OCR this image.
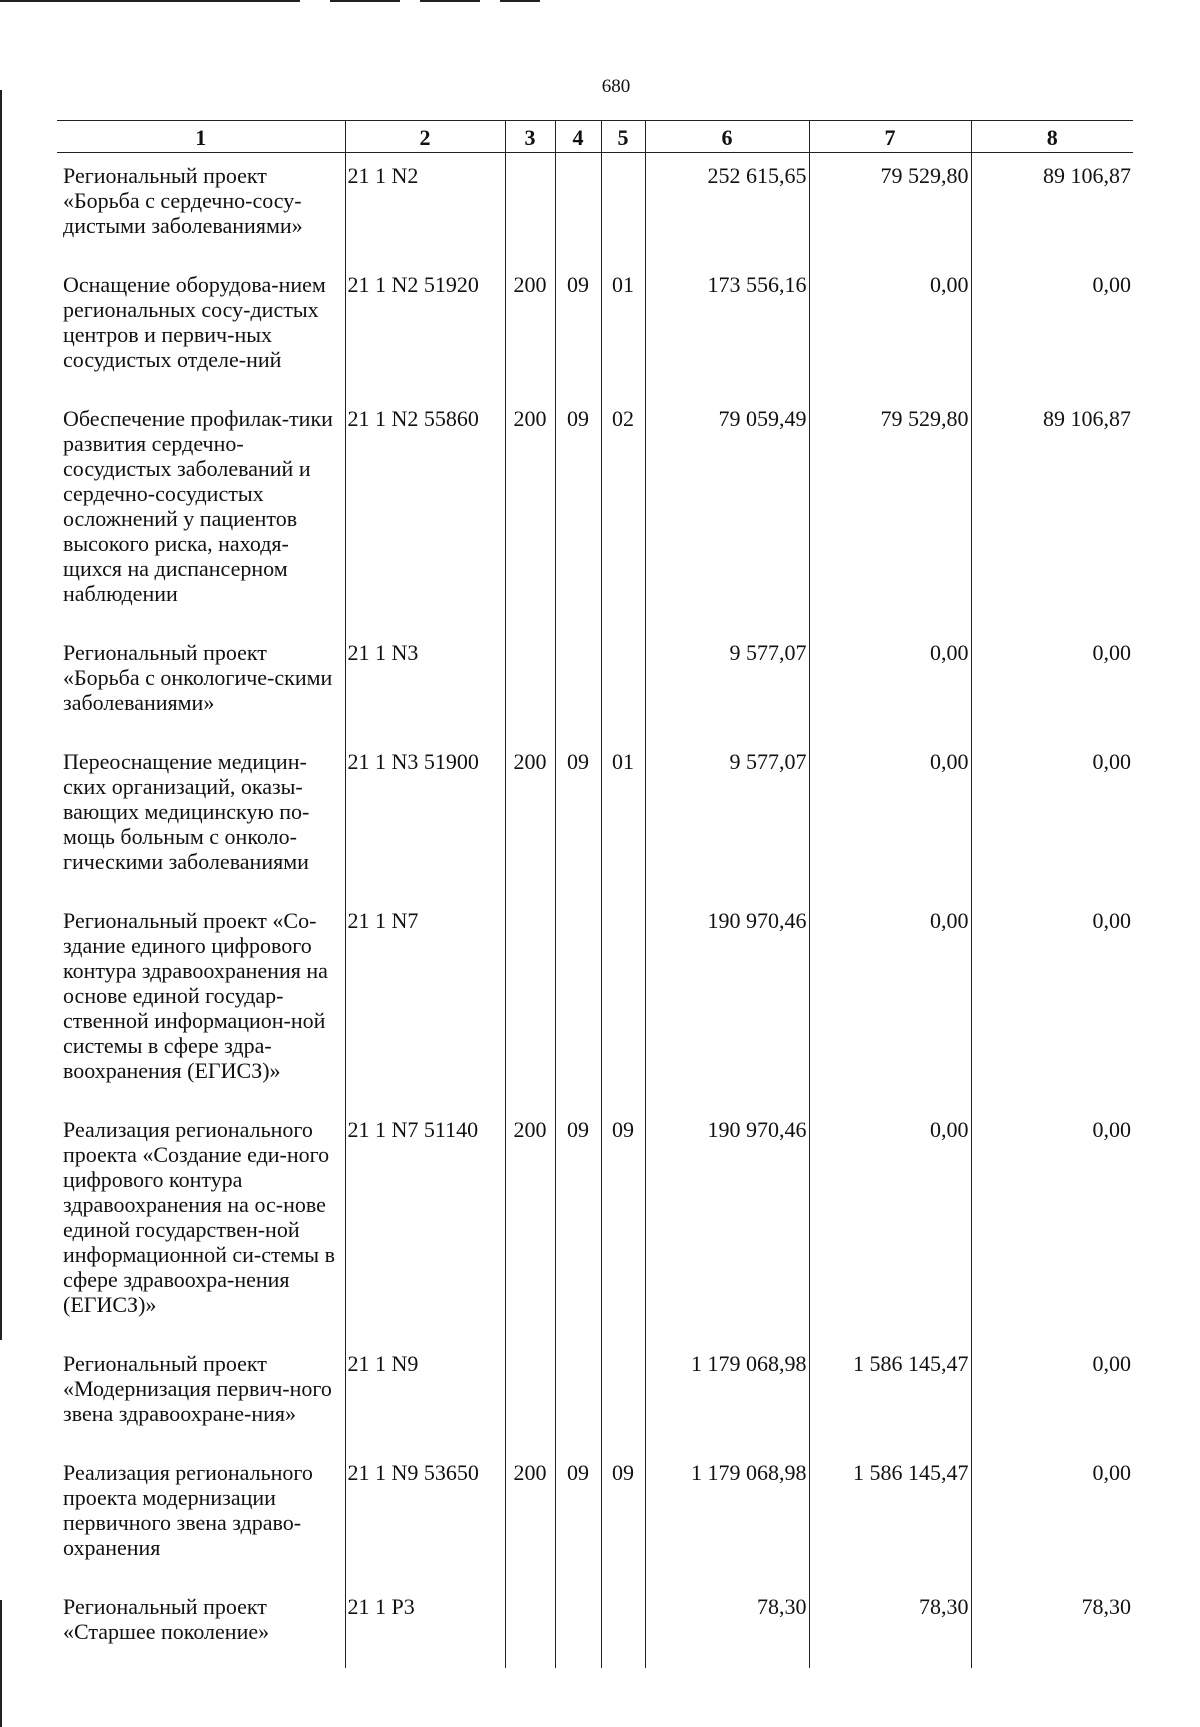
680
1	2	3	4	5	6	7	8
Региональный проект «Борьба с сердечно-сосу-дистыми заболеваниями»	21 1 N2				252 615,65	79 529,80	89 106,87
Оснащение оборудова-нием региональных сосу-дистых центров и первич-ных сосудистых отделе-ний	21 1 N2 51920	200	09	01	173 556,16	0,00	0,00
Обеспечение профилак-тики развития сердечно-сосудистых заболеваний и сердечно-сосудистых осложнений у пациентов высокого риска, находя-щихся на диспансерном наблюдении	21 1 N2 55860	200	09	02	79 059,49	79 529,80	89 106,87
Региональный проект «Борьба с онкологиче-скими заболеваниями»	21 1 N3				9 577,07	0,00	0,00
Переоснащение медицин-ских организаций, оказы-вающих медицинскую по-мощь больным с онколо-гическими заболеваниями	21 1 N3 51900	200	09	01	9 577,07	0,00	0,00
Региональный проект «Со-здание единого цифрового контура здравоохранения на основе единой государ-ственной информацион-ной системы в сфере здра-воохранения (ЕГИСЗ)»	21 1 N7				190 970,46	0,00	0,00
Реализация регионального проекта «Создание еди-ного цифрового контура здравоохранения на ос-нове единой государствен-ной информационной си-стемы в сфере здравоохра-нения (ЕГИСЗ)»	21 1 N7 51140	200	09	09	190 970,46	0,00	0,00
Региональный проект «Модернизация первич-ного звена здравоохране-ния»	21 1 N9				1 179 068,98	1 586 145,47	0,00
Реализация регионального проекта модернизации первичного звена здраво-охранения	21 1 N9 53650	200	09	09	1 179 068,98	1 586 145,47	0,00
Региональный проект «Старшее поколение»	21 1 P3				78,30	78,30	78,30
